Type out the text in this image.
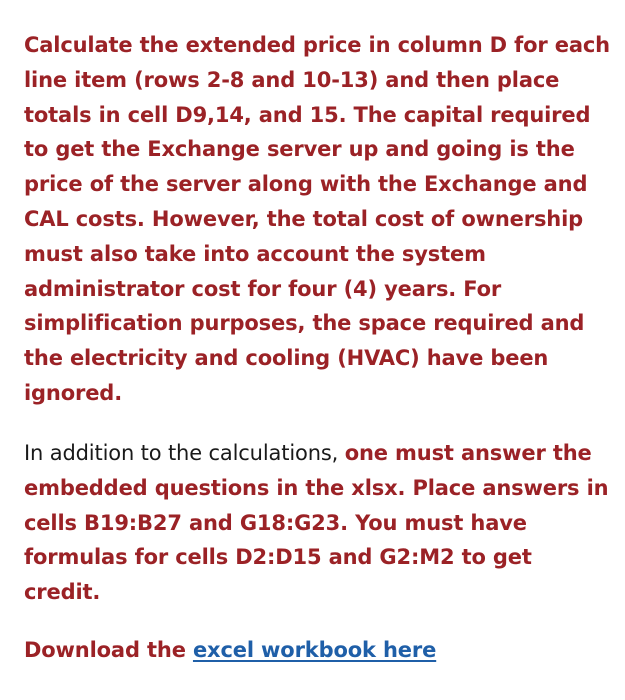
Calculate the extended price in column D for each
line item (rows 2-8 and 10-13) and then place
totals in cell D9,14, and 15. The capital required
to get the Exchange server up and going is the
price of the server along with the Exchange and
CAL costs. However, the total cost of ownership
must also take into account the system
administrator cost for four (4) years. For
simplification purposes, the space required and
the electricity and cooling (HVAC) have been
ignored.
In addition to the calculations, one must answer the
embedded questions in the xlsx. Place answers in
cells B19:B27 and G18:G23. You must have
formulas for cells D2:D15 and G2:M2 to get
credit.
Download the excel workbook here
